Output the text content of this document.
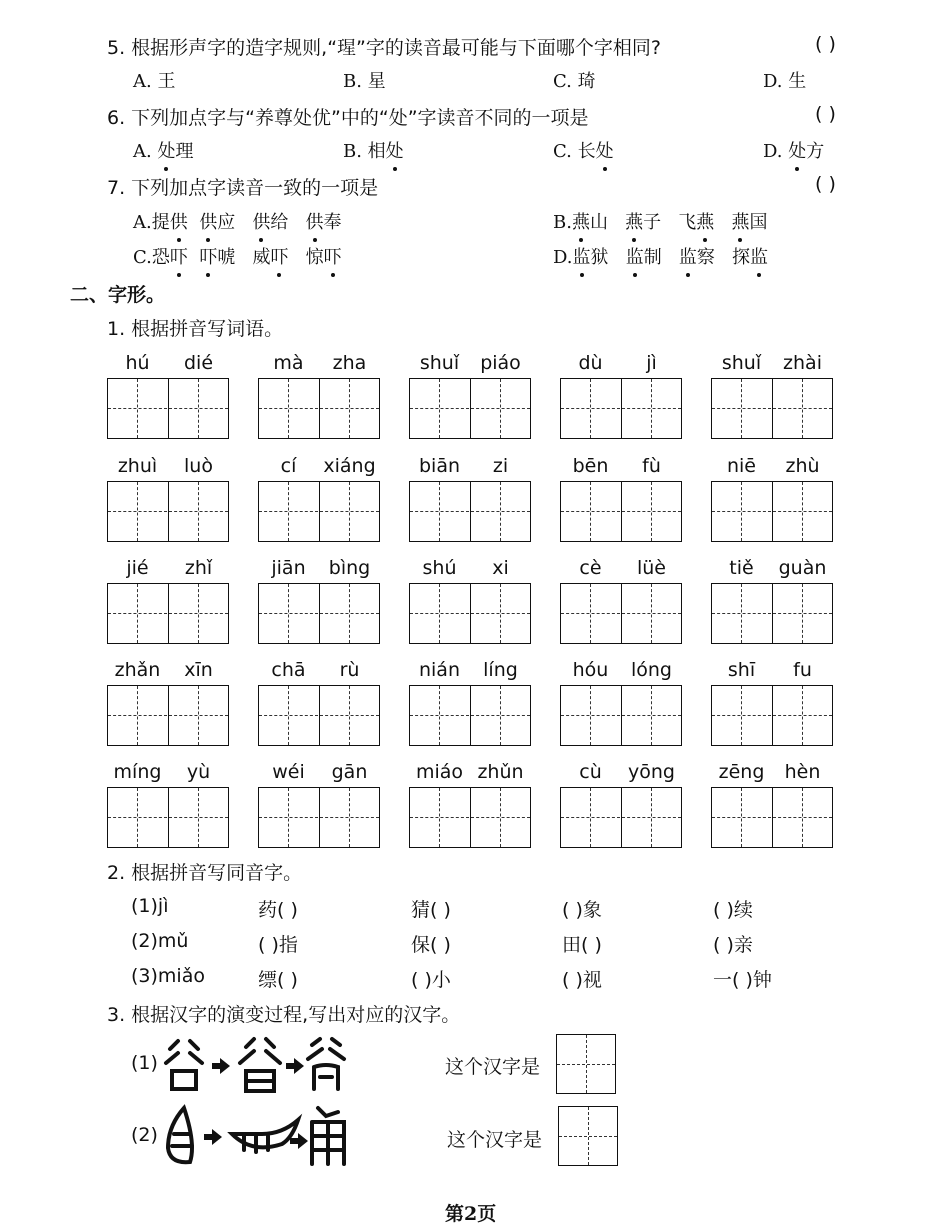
5. 根据形声字的造字规则,“瑆”字的读音最可能与下面哪个字相同?	( )
A. 王	B. 星	C. 琦	D. 生
6. 下列加点字与“养尊处优”中的“处”字读音不同的一项是	( )
A. 处理	B. 相处	C. 长处	D. 处方
7. 下列加点字读音一致的一项是	( )
A.提供 供应   供给   供奉	B.燕山   燕子   飞燕 燕国
C.恐吓 吓唬   威吓   惊吓	D.监狱   监制   监察   探监
二、字形。
1. 根据拼音写词语。
hú	dié	mà	zha	shuǐ	piáo	dù	jì	shuǐ	zhài
zhuì	luò	cí	xiáng	biān	zi	bēn	fù	niē	zhù
jié	zhǐ	jiān	bìng	shú	xi	cè	lüè	tiě	guàn
zhǎn	xīn	chā	rù	nián	líng	hóu	lóng	shī	fu
míng	yù	wéi	gān	miáo zhǔn	cù	yōng	zēng	hèn
2. 根据拼音写同音字。
(1)jì	药( )	猜( )	( )象	( )续
(2)mǔ	( )指	保( )	田( )	( )亲
(3)miǎo	缥( )	( )小	( )视	一( )钟
3. 根据汉字的演变过程,写出对应的汉字。
(1)	这个汉字是
(2)	这个汉字是
第2页
